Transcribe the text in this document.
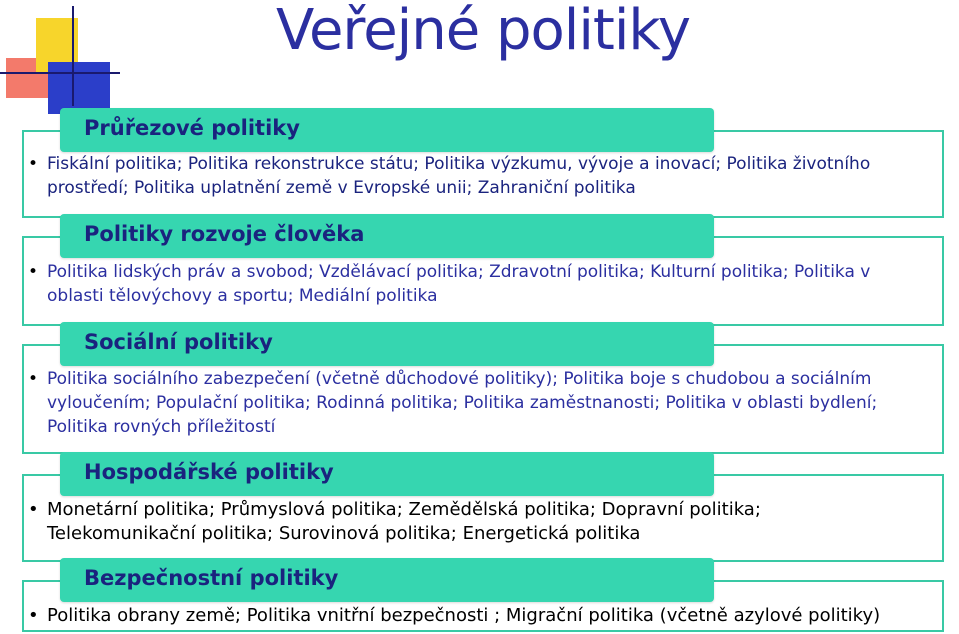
Veřejné politiky
Průřezové politiky
• Fiskální politika; Politika rekonstrukce státu; Politika výzkumu, vývoje a inovací; Politika životního prostředí; Politika uplatnění země v Evropské unii; Zahraniční politika
Politiky rozvoje člověka
• Politika lidských práv a svobod; Vzdělávací politika; Zdravotní politika; Kulturní politika; Politika v oblasti tělovýchovy a sportu; Mediální politika
Sociální politiky
• Politika sociálního zabezpečení (včetně důchodové politiky); Politika boje s chudobou a sociálním vyloučením; Populační politika; Rodinná politika; Politika zaměstnanosti; Politika v oblasti bydlení; Politika rovných příležitostí
Hospodářské politiky
• Monetární politika; Průmyslová politika; Zemědělská politika; Dopravní politika; Telekomunikační politika; Surovinová politika; Energetická politika
Bezpečnostní politiky
• Politika obrany země; Politika vnitřní bezpečnosti ; Migrační politika (včetně azylové politiky)
